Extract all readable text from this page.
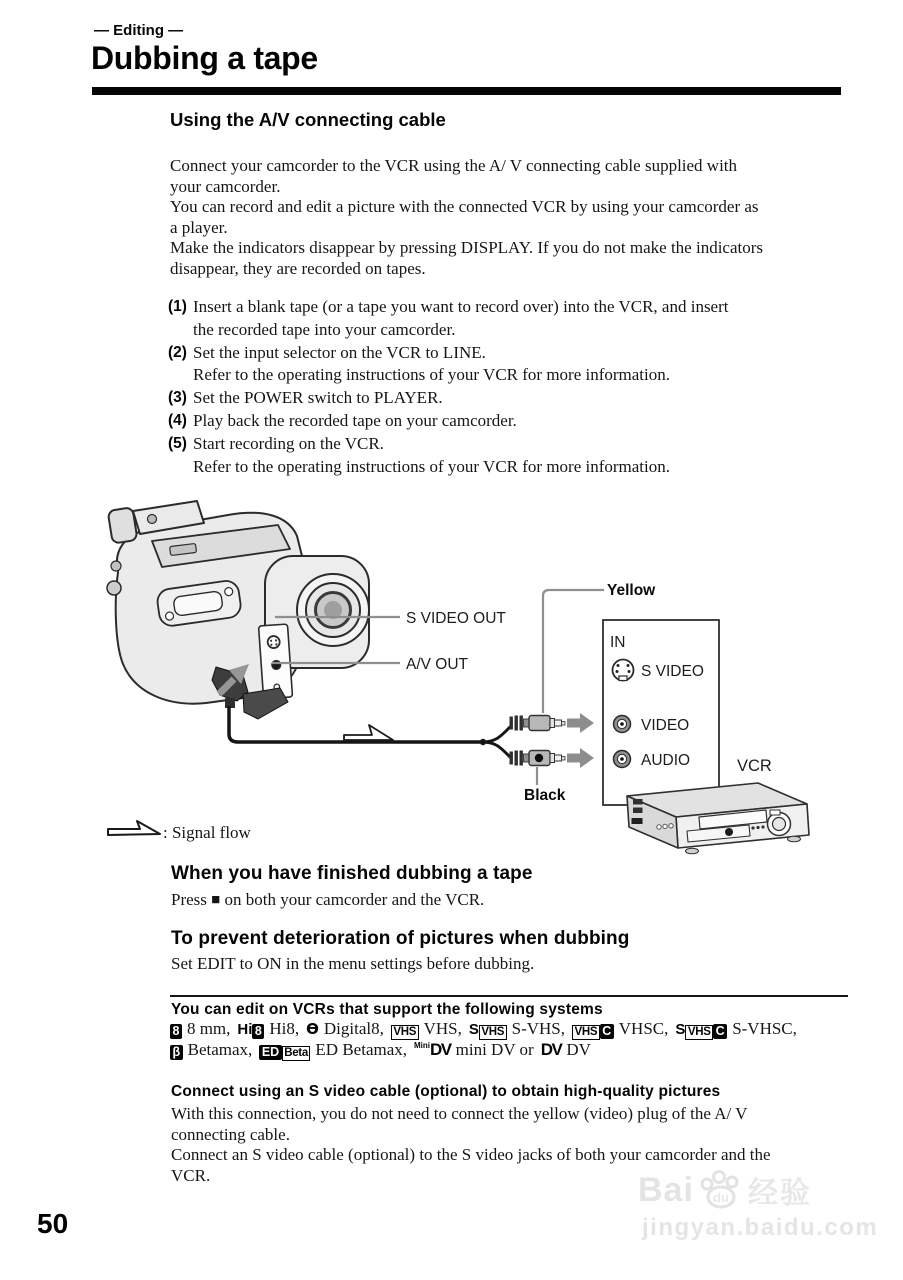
— Editing —
Dubbing a tape
Using the A/V connecting cable
Connect your camcorder to the VCR using the A/ V connecting cable supplied with
your camcorder.
You can record and edit a picture with the connected VCR by using your camcorder as
a player.
Make the indicators disappear by pressing DISPLAY. If you do not make the indicators
disappear, they are recorded on tapes.
(1) Insert a blank tape (or a tape you want to record over) into the VCR, and insert
the recorded tape into your camcorder.
(2) Set the input selector on the VCR to LINE.
Refer to the operating instructions of your VCR for more information.
(3) Set the POWER switch to PLAYER.
(4) Play back the recorded tape on your camcorder.
(5) Start recording on the VCR.
Refer to the operating instructions of your VCR for more information.
S VIDEO OUT
A/V OUT
Yellow
Black
IN
S VIDEO
VIDEO
AUDIO	VCR
: Signal flow
When you have finished dubbing a tape
Press ■ on both your camcorder and the VCR.
To prevent deterioration of pictures when dubbing
Set EDIT to ON in the menu settings before dubbing.
You can edit on VCRs that support the following systems
8 8 mm, Hi 8 Hi8, Ɵ Digital8, VHS VHS, S VHS S-VHS, VHS C VHSC, S VHS C S-VHSC,
β Betamax, ED Beta ED Betamax, $^{Mini}$DV mini DV or DV DV
Connect using an S video cable (optional) to obtain high-quality pictures
With this connection, you do not need to connect the yellow (video) plug of the A/ V
connecting cable.
Connect an S video cable (optional) to the S video jacks of both your camcorder and the
VCR.
50
Bai du 经验
jingyan.baidu.com
